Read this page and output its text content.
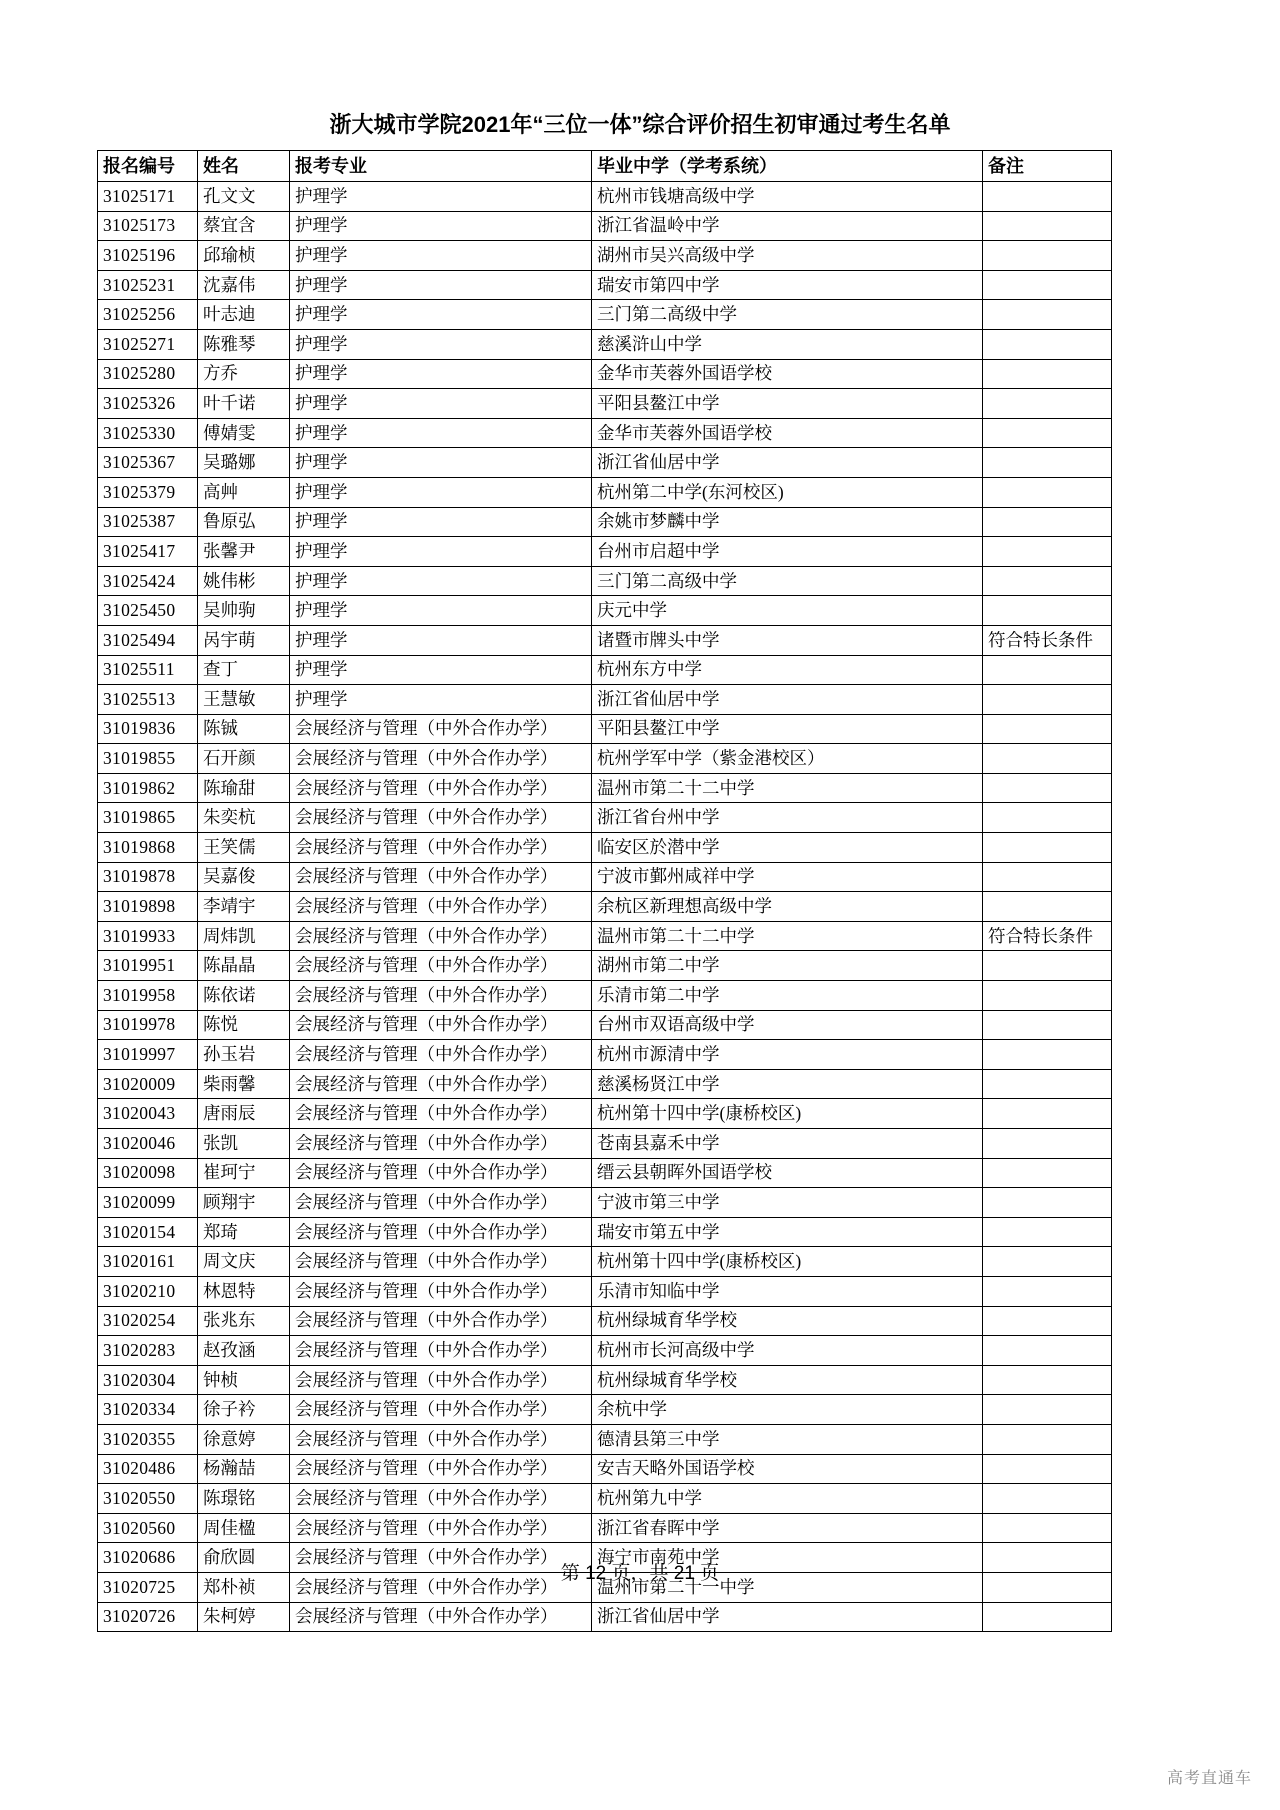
浙大城市学院2021年“三位一体”综合评价招生初审通过考生名单
报名编号	姓名	报考专业	毕业中学（学考系统）	备注
31025171	孔文文	护理学	杭州市钱塘高级中学	
31025173	蔡宜含	护理学	浙江省温岭中学	
31025196	邱瑜桢	护理学	湖州市吴兴高级中学	
31025231	沈嘉伟	护理学	瑞安市第四中学	
31025256	叶志迪	护理学	三门第二高级中学	
31025271	陈雅琴	护理学	慈溪浒山中学	
31025280	方乔	护理学	金华市芙蓉外国语学校	
31025326	叶千诺	护理学	平阳县鳌江中学	
31025330	傅婧雯	护理学	金华市芙蓉外国语学校	
31025367	吴璐娜	护理学	浙江省仙居中学	
31025379	高艸	护理学	杭州第二中学(东河校区)	
31025387	鲁原弘	护理学	余姚市梦麟中学	
31025417	张馨尹	护理学	台州市启超中学	
31025424	姚伟彬	护理学	三门第二高级中学	
31025450	吴帅驹	护理学	庆元中学	
31025494	呙宇萌	护理学	诸暨市牌头中学	符合特长条件
31025511	查丁	护理学	杭州东方中学	
31025513	王慧敏	护理学	浙江省仙居中学	
31019836	陈铖	会展经济与管理（中外合作办学）	平阳县鳌江中学	
31019855	石开颜	会展经济与管理（中外合作办学）	杭州学军中学（紫金港校区）	
31019862	陈瑜甜	会展经济与管理（中外合作办学）	温州市第二十二中学	
31019865	朱奕杭	会展经济与管理（中外合作办学）	浙江省台州中学	
31019868	王笑儒	会展经济与管理（中外合作办学）	临安区於潜中学	
31019878	吴嘉俊	会展经济与管理（中外合作办学）	宁波市鄞州咸祥中学	
31019898	李靖宇	会展经济与管理（中外合作办学）	余杭区新理想高级中学	
31019933	周炜凯	会展经济与管理（中外合作办学）	温州市第二十二中学	符合特长条件
31019951	陈晶晶	会展经济与管理（中外合作办学）	湖州市第二中学	
31019958	陈依诺	会展经济与管理（中外合作办学）	乐清市第二中学	
31019978	陈悦	会展经济与管理（中外合作办学）	台州市双语高级中学	
31019997	孙玉岩	会展经济与管理（中外合作办学）	杭州市源清中学	
31020009	柴雨馨	会展经济与管理（中外合作办学）	慈溪杨贤江中学	
31020043	唐雨辰	会展经济与管理（中外合作办学）	杭州第十四中学(康桥校区)	
31020046	张凯	会展经济与管理（中外合作办学）	苍南县嘉禾中学	
31020098	崔珂宁	会展经济与管理（中外合作办学）	缙云县朝晖外国语学校	
31020099	顾翔宇	会展经济与管理（中外合作办学）	宁波市第三中学	
31020154	郑琦	会展经济与管理（中外合作办学）	瑞安市第五中学	
31020161	周文庆	会展经济与管理（中外合作办学）	杭州第十四中学(康桥校区)	
31020210	林恩特	会展经济与管理（中外合作办学）	乐清市知临中学	
31020254	张兆东	会展经济与管理（中外合作办学）	杭州绿城育华学校	
31020283	赵孜涵	会展经济与管理（中外合作办学）	杭州市长河高级中学	
31020304	钟桢	会展经济与管理（中外合作办学）	杭州绿城育华学校	
31020334	徐子衿	会展经济与管理（中外合作办学）	余杭中学	
31020355	徐意婷	会展经济与管理（中外合作办学）	德清县第三中学	
31020486	杨瀚喆	会展经济与管理（中外合作办学）	安吉天略外国语学校	
31020550	陈璟铭	会展经济与管理（中外合作办学）	杭州第九中学	
31020560	周佳楹	会展经济与管理（中外合作办学）	浙江省春晖中学	
31020686	俞欣圆	会展经济与管理（中外合作办学）	海宁市南苑中学	
31020725	郑朴祯	会展经济与管理（中外合作办学）	温州市第二十一中学	
31020726	朱柯婷	会展经济与管理（中外合作办学）	浙江省仙居中学	
第 12 页，共 21 页
高考直通车
